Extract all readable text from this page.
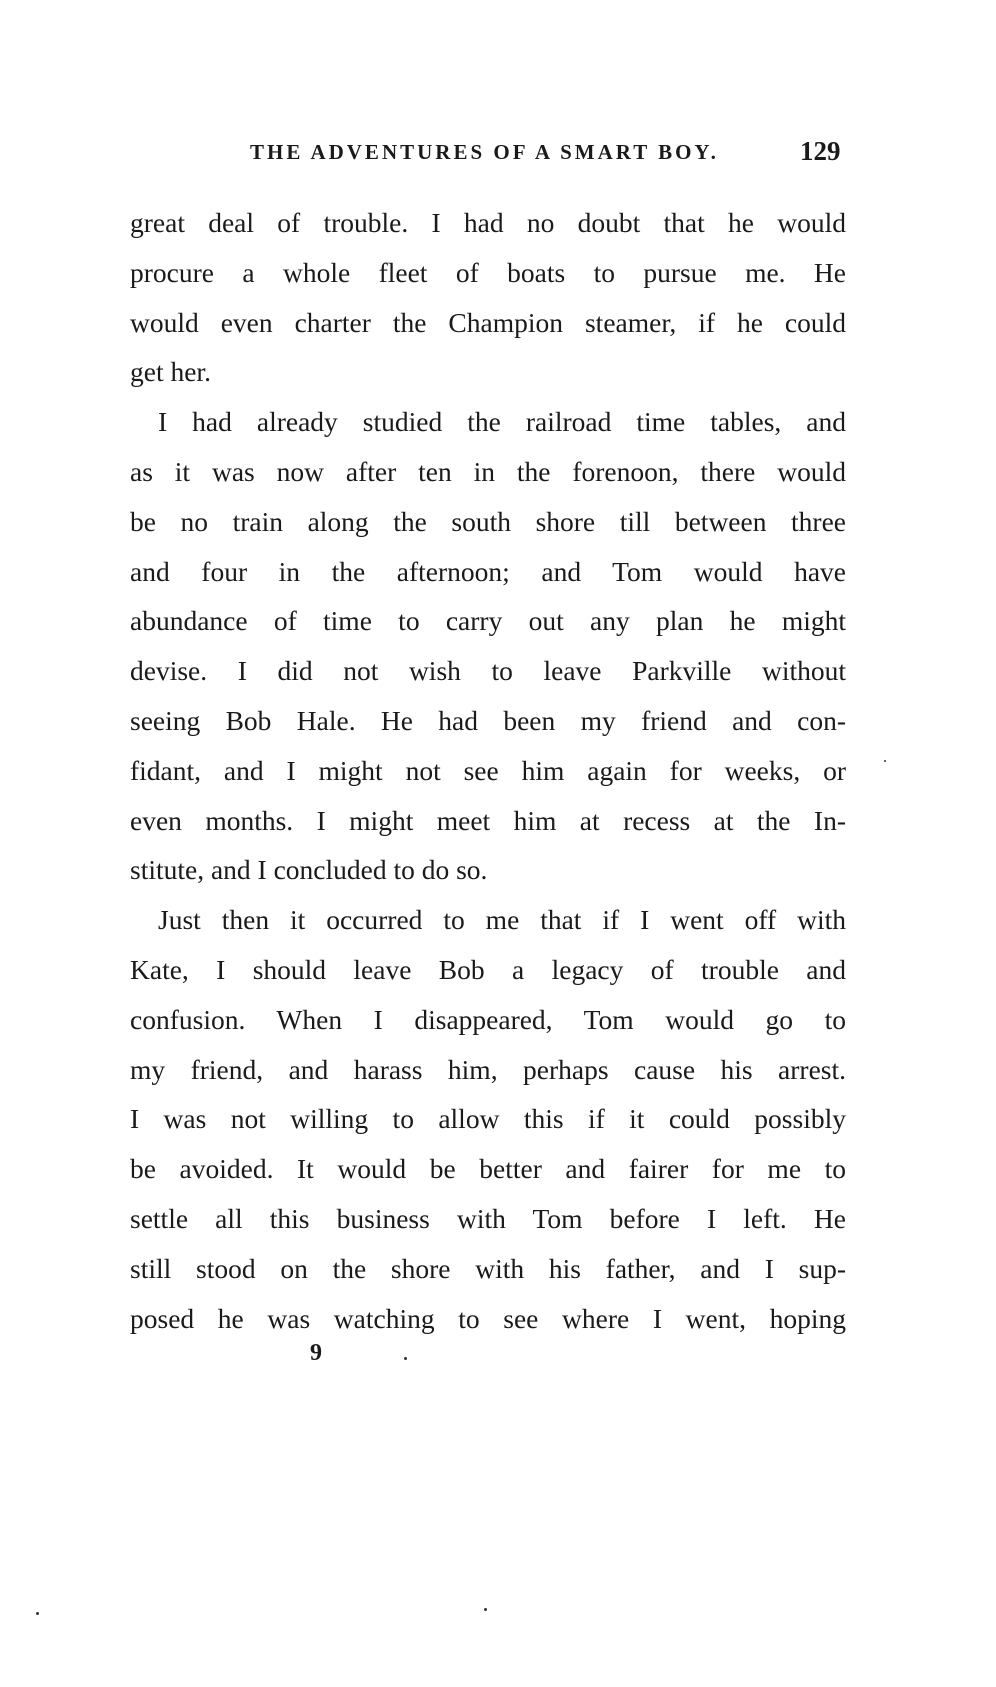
THE ADVENTURES OF A SMART BOY.	129
great deal of trouble. I had no doubt that he would
procure a whole fleet of boats to pursue me. He
would even charter the Champion steamer, if he could
get her.
I had already studied the railroad time tables, and
as it was now after ten in the forenoon, there would
be no train along the south shore till between three
and four in the afternoon; and Tom would have
abundance of time to carry out any plan he might
devise. I did not wish to leave Parkville without
seeing Bob Hale. He had been my friend and con-
fidant, and I might not see him again for weeks, or
even months. I might meet him at recess at the In-
stitute, and I concluded to do so.
Just then it occurred to me that if I went off with
Kate, I should leave Bob a legacy of trouble and
confusion. When I disappeared, Tom would go to
my friend, and harass him, perhaps cause his arrest.
I was not willing to allow this if it could possibly
be avoided. It would be better and fairer for me to
settle all this business with Tom before I left. He
still stood on the shore with his father, and I sup-
posed he was watching to see where I went, hoping
9
